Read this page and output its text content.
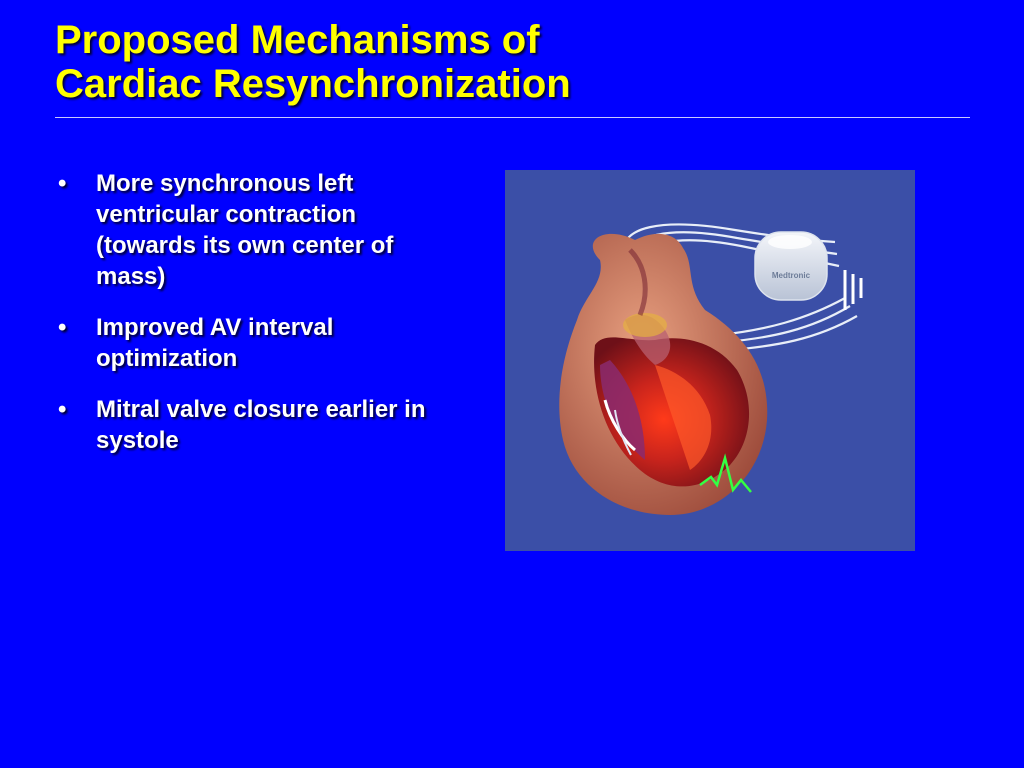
Proposed Mechanisms of
Cardiac Resynchronization
• More synchronous left ventricular contraction (towards its own center of mass)
• Improved AV interval optimization
• Mitral valve closure earlier in systole
Medtronic
